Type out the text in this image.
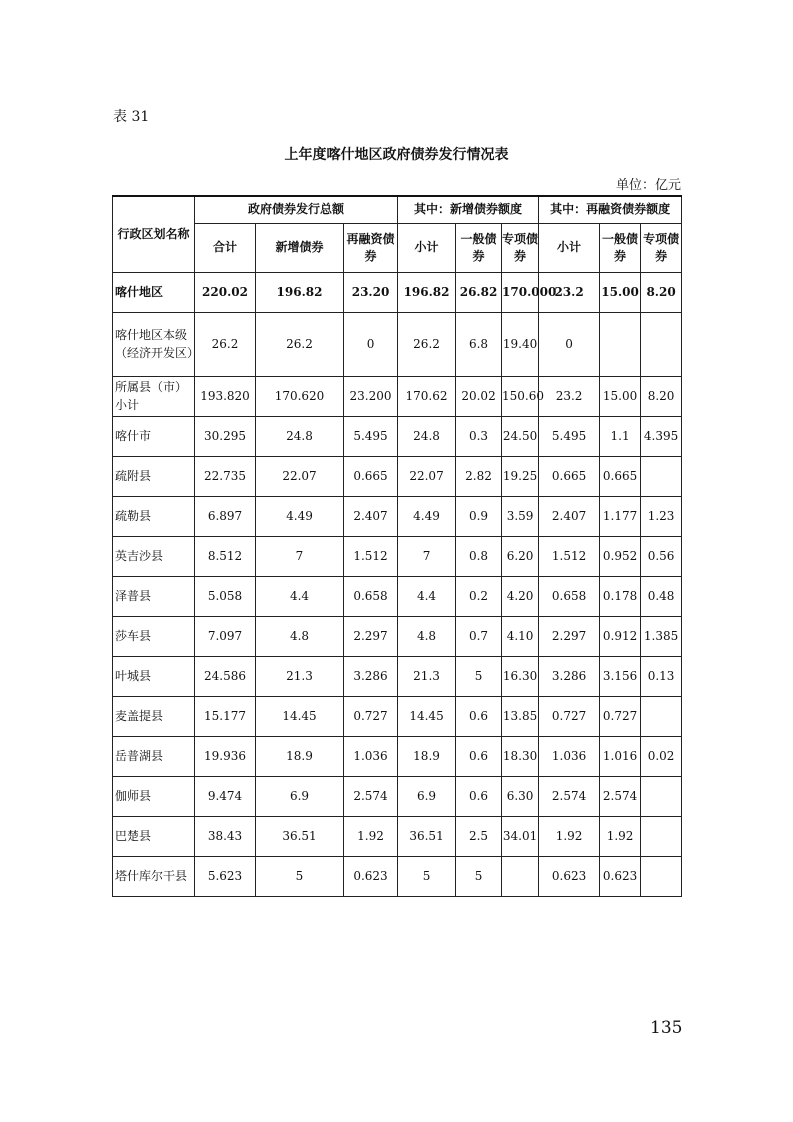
表 31
上年度喀什地区政府债券发行情况表
单位：亿元
行政区划名称	政府债券发行总额			其中：新增债券额度			其中：再融资债券额度		
	合计	新增债券	再融资债券	小计	一般债券	专项债券	小计	一般债券	专项债券
喀什地区	220.02	196.82	23.20	196.82	26.82	170.000	23.2	15.00	8.20
喀什地区本级（经济开发区）	26.2	26.2	0	26.2	6.8	19.40	0		
所属县（市）小计	193.820	170.620	23.200	170.62	20.02	150.60	23.2	15.00	8.20
喀什市	30.295	24.8	5.495	24.8	0.3	24.50	5.495	1.1	4.395
疏附县	22.735	22.07	0.665	22.07	2.82	19.25	0.665	0.665	
疏勒县	6.897	4.49	2.407	4.49	0.9	3.59	2.407	1.177	1.23
英吉沙县	8.512	7	1.512	7	0.8	6.20	1.512	0.952	0.56
泽普县	5.058	4.4	0.658	4.4	0.2	4.20	0.658	0.178	0.48
莎车县	7.097	4.8	2.297	4.8	0.7	4.10	2.297	0.912	1.385
叶城县	24.586	21.3	3.286	21.3	5	16.30	3.286	3.156	0.13
麦盖提县	15.177	14.45	0.727	14.45	0.6	13.85	0.727	0.727	
岳普湖县	19.936	18.9	1.036	18.9	0.6	18.30	1.036	1.016	0.02
伽师县	9.474	6.9	2.574	6.9	0.6	6.30	2.574	2.574	
巴楚县	38.43	36.51	1.92	36.51	2.5	34.01	1.92	1.92	
塔什库尔干县	5.623	5	0.623	5	5		0.623	0.623	
135
